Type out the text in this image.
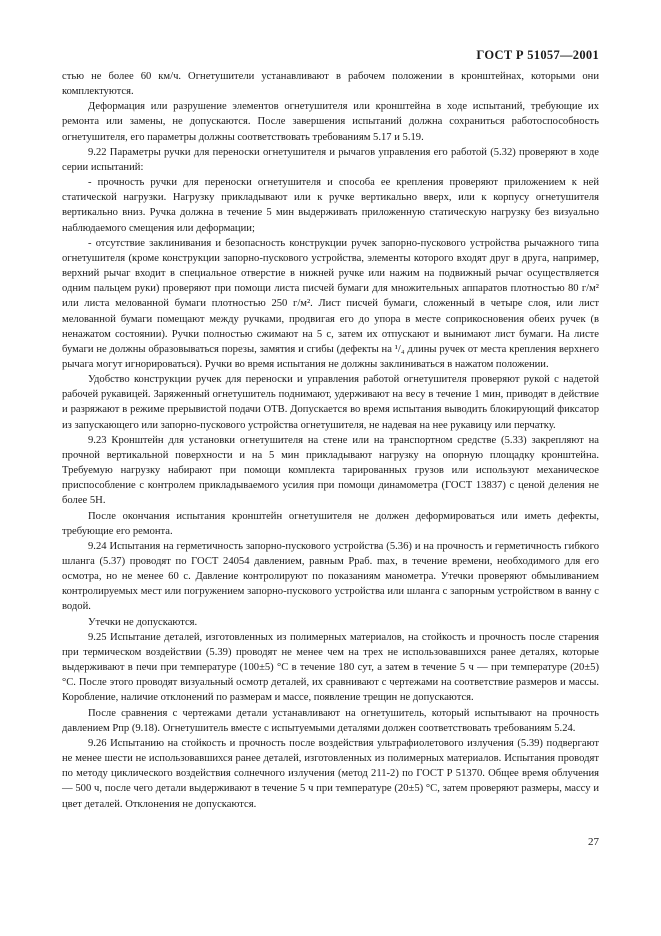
ГОСТ Р 51057—2001

стью не более 60 км/ч. Огнетушители устанавливают в рабочем положении в кронштейнах, которыми они комплектуются.

Деформация или разрушение элементов огнетушителя или кронштейна в ходе испытаний, требующие их ремонта или замены, не допускаются. После завершения испытаний должна сохраниться работоспособность огнетушителя, его параметры должны соответствовать требованиям 5.17 и 5.19.

9.22 Параметры ручки для переноски огнетушителя и рычагов управления его работой (5.32) проверяют в ходе серии испытаний:

- прочность ручки для переноски огнетушителя и способа ее крепления проверяют приложением к ней статической нагрузки. Нагрузку прикладывают или к ручке вертикально вверх, или к корпусу огнетушителя вертикально вниз. Ручка должна в течение 5 мин выдерживать приложенную статическую нагрузку без визуально наблюдаемого смещения или деформации;

- отсутствие заклинивания и безопасность конструкции ручек запорно-пускового устройства рычажного типа огнетушителя (кроме конструкции запорно-пускового устройства, элементы которого входят друг в друга, например, верхний рычаг входит в специальное отверстие в нижней ручке или нажим на подвижный рычаг осуществляется одним пальцем руки) проверяют при помощи листа писчей бумаги для множительных аппаратов плотностью 80 г/м² или листа мелованной бумаги плотностью 250 г/м². Лист писчей бумаги, сложенный в четыре слоя, или лист мелованной бумаги помещают между ручками, продвигая его до упора в месте соприкосновения обеих ручек (в ненажатом состоянии). Ручки полностью сжимают на 5 с, затем их отпускают и вынимают лист бумаги. На листе бумаги не должны образовываться порезы, замятия и сгибы (дефекты на ¹/₄ длины ручек от места крепления верхнего рычага могут игнорироваться). Ручки во время испытания не должны заклиниваться в нажатом положении.

Удобство конструкции ручек для переноски и управления работой огнетушителя проверяют рукой с надетой рабочей рукавицей. Заряженный огнетушитель поднимают, удерживают на весу в течение 1 мин, приводят в действие и разряжают в режиме прерывистой подачи ОТВ. Допускается во время испытания выводить блокирующий фиксатор из запускающего или запорно-пускового устройства огнетушителя, не надевая на нее рукавицу или перчатку.

9.23 Кронштейн для установки огнетушителя на стене или на транспортном средстве (5.33) закрепляют на прочной вертикальной поверхности и на 5 мин прикладывают нагрузку на опорную площадку кронштейна. Требуемую нагрузку набирают при помощи комплекта тарированных грузов или используют механическое приспособление с контролем прикладываемого усилия при помощи динамометра (ГОСТ 13837) с ценой деления не более 5Н.

После окончания испытания кронштейн огнетушителя не должен деформироваться или иметь дефекты, требующие его ремонта.

9.24 Испытания на герметичность запорно-пускового устройства (5.36) и на прочность и герметичность гибкого шланга (5.37) проводят по ГОСТ 24054 давлением, равным Pраб. max, в течение времени, необходимого для его осмотра, но не менее 60 с. Давление контролируют по показаниям манометра. Утечки проверяют обмыливанием контролируемых мест или погружением запорно-пускового устройства или шланга с запорным устройством в ванну с водой.

Утечки не допускаются.

9.25 Испытание деталей, изготовленных из полимерных материалов, на стойкость и прочность после старения при термическом воздействии (5.39) проводят не менее чем на трех не использовавшихся ранее деталях, которые выдерживают в печи при температуре (100±5) °С в течение 180 сут, а затем в течение 5 ч — при температуре (20±5) °С. После этого проводят визуальный осмотр деталей, их сравнивают с чертежами на соответствие размеров и массы. Коробление, наличие отклонений по размерам и массе, появление трещин не допускаются.

После сравнения с чертежами детали устанавливают на огнетушитель, который испытывают на прочность давлением Pпр (9.18). Огнетушитель вместе с испытуемыми деталями должен соответствовать требованиям 5.24.

9.26 Испытанию на стойкость и прочность после воздействия ультрафиолетового излучения (5.39) подвергают не менее шести не использовавшихся ранее деталей, изготовленных из полимерных материалов. Испытания проводят по методу циклического воздействия солнечного излучения (метод 211-2) по ГОСТ Р 51370. Общее время облучения — 500 ч, после чего детали выдерживают в течение 5 ч при температуре (20±5) °С, затем проверяют размеры, массу и цвет деталей. Отклонения не допускаются.

27
